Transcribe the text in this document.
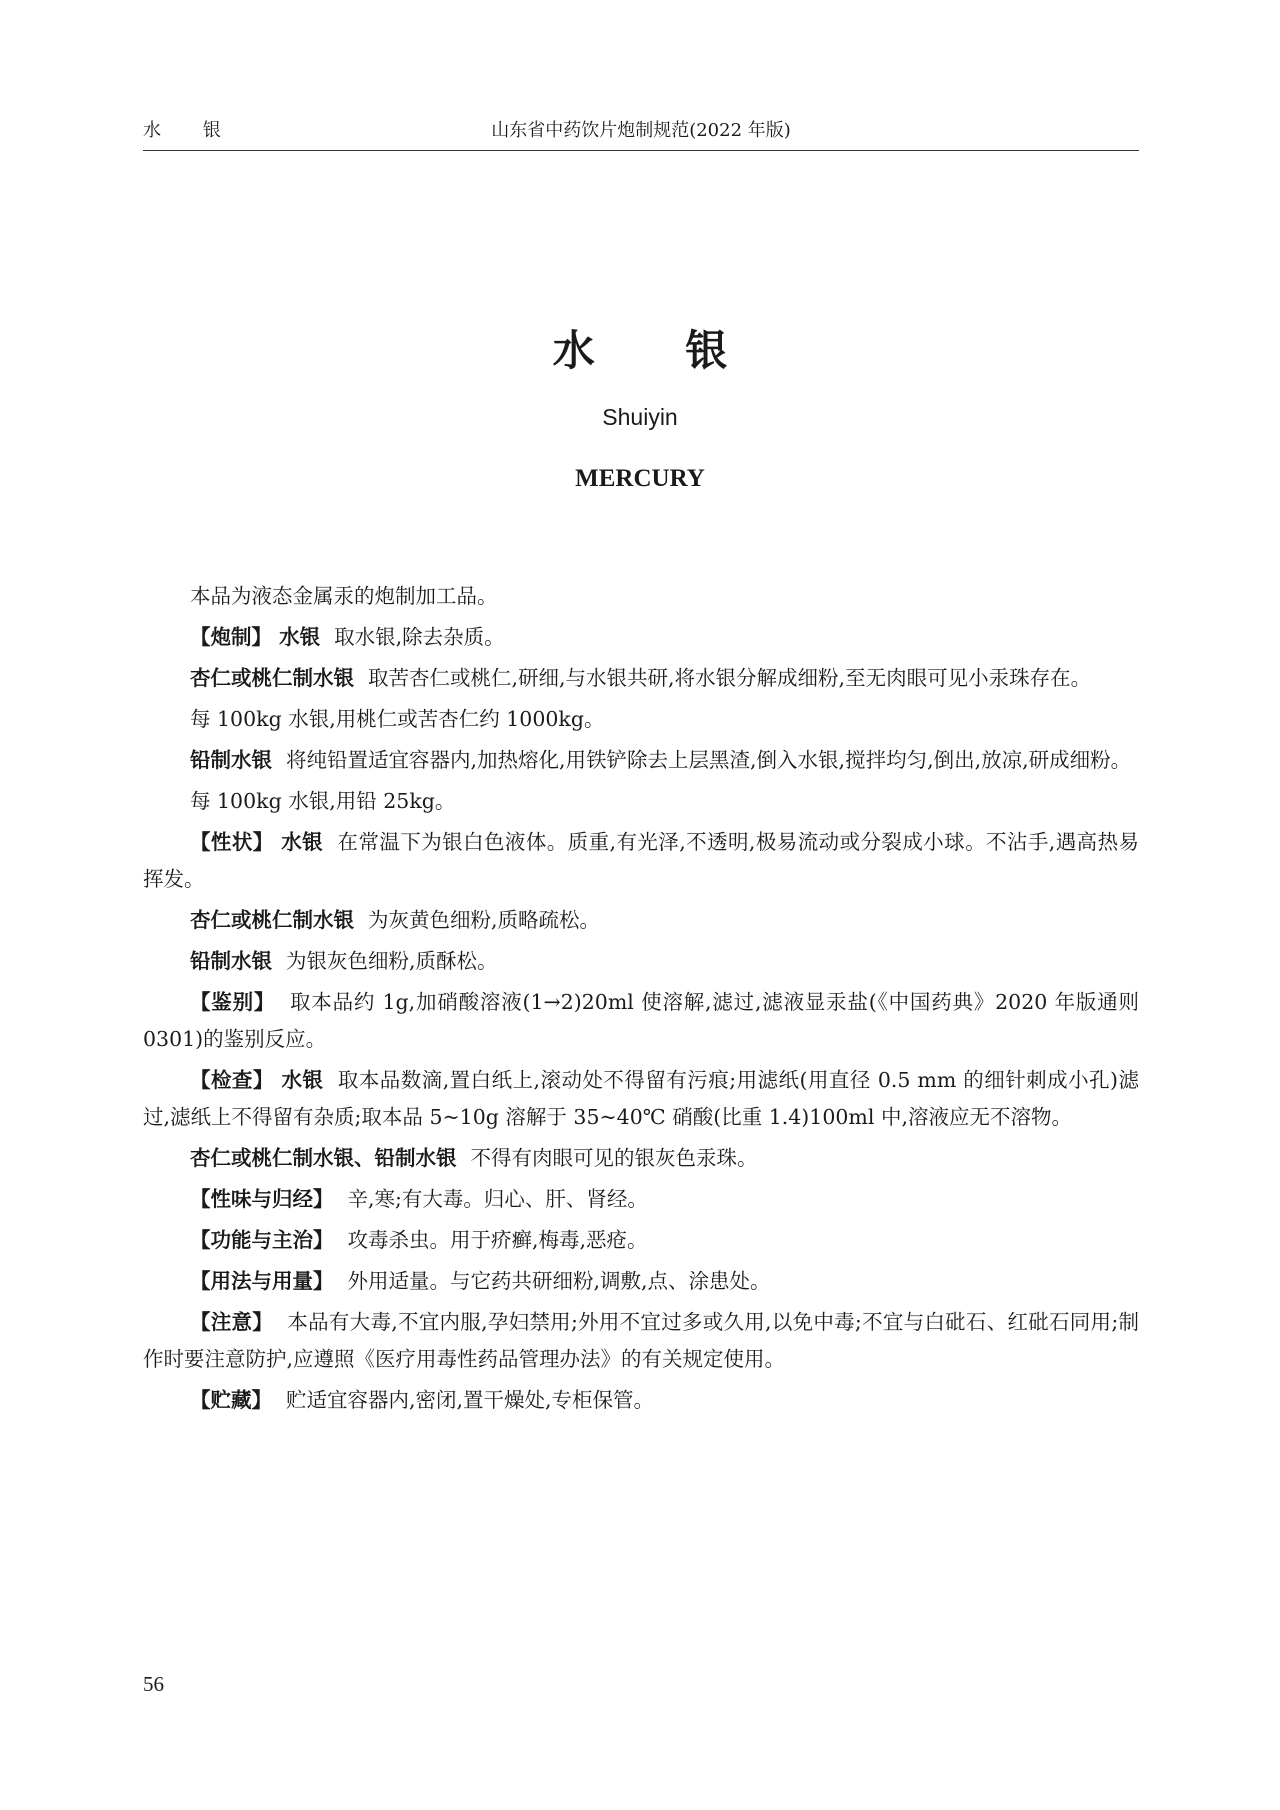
水 银	山东省中药饮片炮制规范(2022 年版)
水 银
Shuiyin
MERCURY

本品为液态金属汞的炮制加工品。

【炮制】 水银 取水银,除去杂质。

杏仁或桃仁制水银 取苦杏仁或桃仁,研细,与水银共研,将水银分解成细粉,至无肉眼可见小汞珠存在。

每 100kg 水银,用桃仁或苦杏仁约 1000kg。

铅制水银 将纯铅置适宜容器内,加热熔化,用铁铲除去上层黑渣,倒入水银,搅拌均匀,倒出,放凉,研成细粉。

每 100kg 水银,用铅 25kg。

【性状】 水银 在常温下为银白色液体。质重,有光泽,不透明,极易流动或分裂成小球。不沾手,遇高热易挥发。

杏仁或桃仁制水银 为灰黄色细粉,质略疏松。

铅制水银 为银灰色细粉,质酥松。

【鉴别】 取本品约 1g,加硝酸溶液(1→2)20ml 使溶解,滤过,滤液显汞盐(《中国药典》2020 年版通则 0301)的鉴别反应。

【检查】 水银 取本品数滴,置白纸上,滚动处不得留有污痕;用滤纸(用直径 0.5 mm 的细针刺成小孔)滤过,滤纸上不得留有杂质;取本品 5~10g 溶解于 35~40℃ 硝酸(比重 1.4)100ml 中,溶液应无不溶物。

杏仁或桃仁制水银、铅制水银 不得有肉眼可见的银灰色汞珠。

【性味与归经】 辛,寒;有大毒。归心、肝、肾经。

【功能与主治】 攻毒杀虫。用于疥癣,梅毒,恶疮。

【用法与用量】 外用适量。与它药共研细粉,调敷,点、涂患处。

【注意】 本品有大毒,不宜内服,孕妇禁用;外用不宜过多或久用,以免中毒;不宜与白砒石、红砒石同用;制作时要注意防护,应遵照《医疗用毒性药品管理办法》的有关规定使用。

【贮藏】 贮适宜容器内,密闭,置干燥处,专柜保管。

56
